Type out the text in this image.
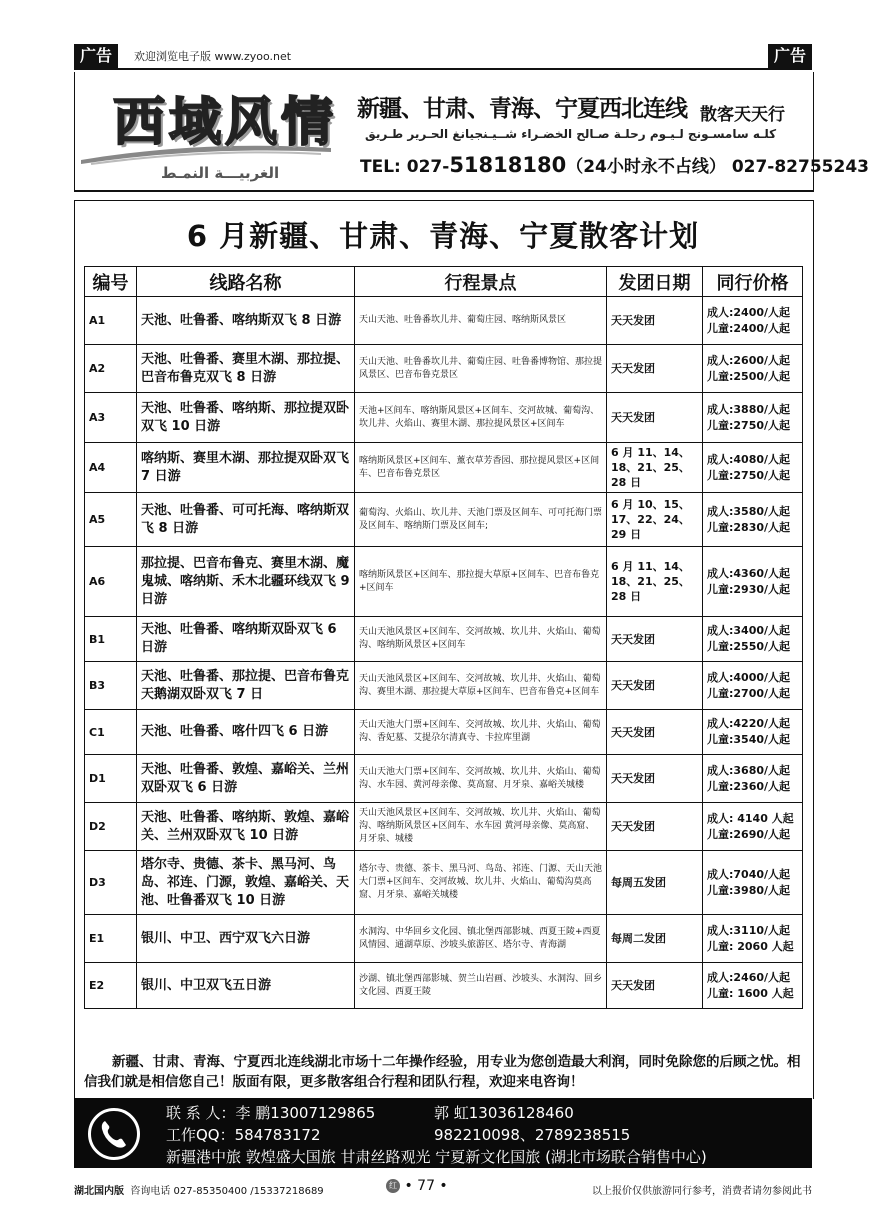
广告	欢迎浏览电子版 www.zyoo.net	广告
西域风情
الغربيـــة النمـط
新疆、甘肃、青海、宁夏西北连线 散客天天行
كلـه سامسـونج لـيـوم رحلـة صـالح الخضـراء شــيـنجيانغ الحـرير طـريق
TEL: 027-51818180（24小时永不占线） 027-82755243
6 月新疆、甘肃、青海、宁夏散客计划
编号	线路名称	行程景点	发团日期	同行价格
A1	天池、吐鲁番、喀纳斯双飞 8 日游	天山天池、吐鲁番坎儿井、葡萄庄园、喀纳斯风景区	天天发团	成人:2400/人起
儿童:2400/人起

A2	天池、吐鲁番、赛里木湖、那拉提、巴音布鲁克双飞 8 日游	天山天池、吐鲁番坎儿井、葡萄庄园、吐鲁番博物馆、那拉提风景区、巴音布鲁克景区	天天发团	成人:2600/人起
儿童:2500/人起

A3	天池、吐鲁番、喀纳斯、那拉提双卧双飞 10 日游	天池+区间车、喀纳斯风景区+区间车、交河故城、葡萄沟、坎儿井、火焰山、赛里木湖、那拉提风景区+区间车	天天发团	成人:3880/人起
儿童:2750/人起

A4	喀纳斯、赛里木湖、那拉提双卧双飞 7 日游	喀纳斯风景区+区间车、薰衣草芳香园、那拉提风景区+区间车、巴音布鲁克景区	6 月 11、14、18、21、25、28 日	成人:4080/人起
儿童:2750/人起

A5	天池、吐鲁番、可可托海、喀纳斯双飞 8 日游	葡萄沟、火焰山、坎儿井、天池门票及区间车、可可托海门票及区间车、喀纳斯门票及区间车;	6 月 10、15、17、22、24、29 日	成人:3580/人起
儿童:2830/人起

A6	那拉提、巴音布鲁克、赛里木湖、魔鬼城、喀纳斯、禾木北疆环线双飞 9 日游	喀纳斯风景区+区间车、那拉提大草原+区间车、巴音布鲁克+区间车	6 月 11、14、18、21、25、28 日	成人:4360/人起
儿童:2930/人起

B1	天池、吐鲁番、喀纳斯双卧双飞 6 日游	天山天池风景区+区间车、交河故城、坎儿井、火焰山、葡萄沟、喀纳斯风景区+区间车	天天发团	成人:3400/人起
儿童:2550/人起

B3	天池、吐鲁番、那拉提、巴音布鲁克天鹅湖双卧双飞 7 日	天山天池风景区+区间车、交河故城、坎儿井、火焰山、葡萄沟、赛里木湖、那拉提大草原+区间车、巴音布鲁克+区间车	天天发团	成人:4000/人起
儿童:2700/人起

C1	天池、吐鲁番、喀什四飞 6 日游	天山天池大门票+区间车、交河故城、坎儿井、火焰山、葡萄沟、香妃墓、艾提尕尔清真寺、卡拉库里湖	天天发团	成人:4220/人起
儿童:3540/人起

D1	天池、吐鲁番、敦煌、嘉峪关、兰州双卧双飞 6 日游	天山天池大门票+区间车、交河故城、坎儿井、火焰山、葡萄沟、水车园、黄河母亲像、莫高窟、月牙泉、嘉峪关城楼	天天发团	成人:3680/人起
儿童:2360/人起

D2	天池、吐鲁番、喀纳斯、敦煌、嘉峪关、兰州双卧双飞 10 日游	天山天池风景区+区间车、交河故城、坎儿井、火焰山、葡萄沟、喀纳斯风景区+区间车、水车园 黄河母亲像、莫高窟、月牙泉、城楼	天天发团	成人: 4140 人起
儿童:2690/人起

D3	塔尔寺、贵德、茶卡、黑马河、鸟岛、祁连、门源，敦煌、嘉峪关、天池、吐鲁番双飞 10 日游	塔尔寺、贵德、茶卡、黑马河、鸟岛、祁连、门源、天山天池大门票+区间车、交河故城、坎儿井、火焰山、葡萄沟莫高窟、月牙泉、嘉峪关城楼	每周五发团	成人:7040/人起
儿童:3980/人起

E1	银川、中卫、西宁双飞六日游	水洞沟、中华回乡文化园、镇北堡西部影城、西夏王陵+西夏风情园、通湖草原、沙坡头旅游区、塔尔寺、青海湖	每周二发团	成人:3110/人起
儿童: 2060 人起

E2	银川、中卫双飞五日游	沙湖、镇北堡西部影城、贺兰山岩画、沙坡头、水洞沟、回乡文化园、西夏王陵	天天发团	成人:2460/人起
儿童: 1600 人起
新疆、甘肃、青海、宁夏西北连线湖北市场十二年操作经验，用专业为您创造最大利润，同时免除您的后顾之忧。相信我们就是相信您自己！版面有限，更多散客组合行程和团队行程，欢迎来电咨询！
联 系 人：李 鹏13007129865	郭 虹13036128460
工作QQ：584783172	982210098、2789238515
新疆港中旅 敦煌盛大国旅 甘肃丝路观光 宁夏新文化国旅 (湖北市场联合销售中心)
湖北国内版 咨询电话 027-85350400 /15337218689
红 • 77 •	以上报价仅供旅游同行参考，消费者请勿参阅此书
